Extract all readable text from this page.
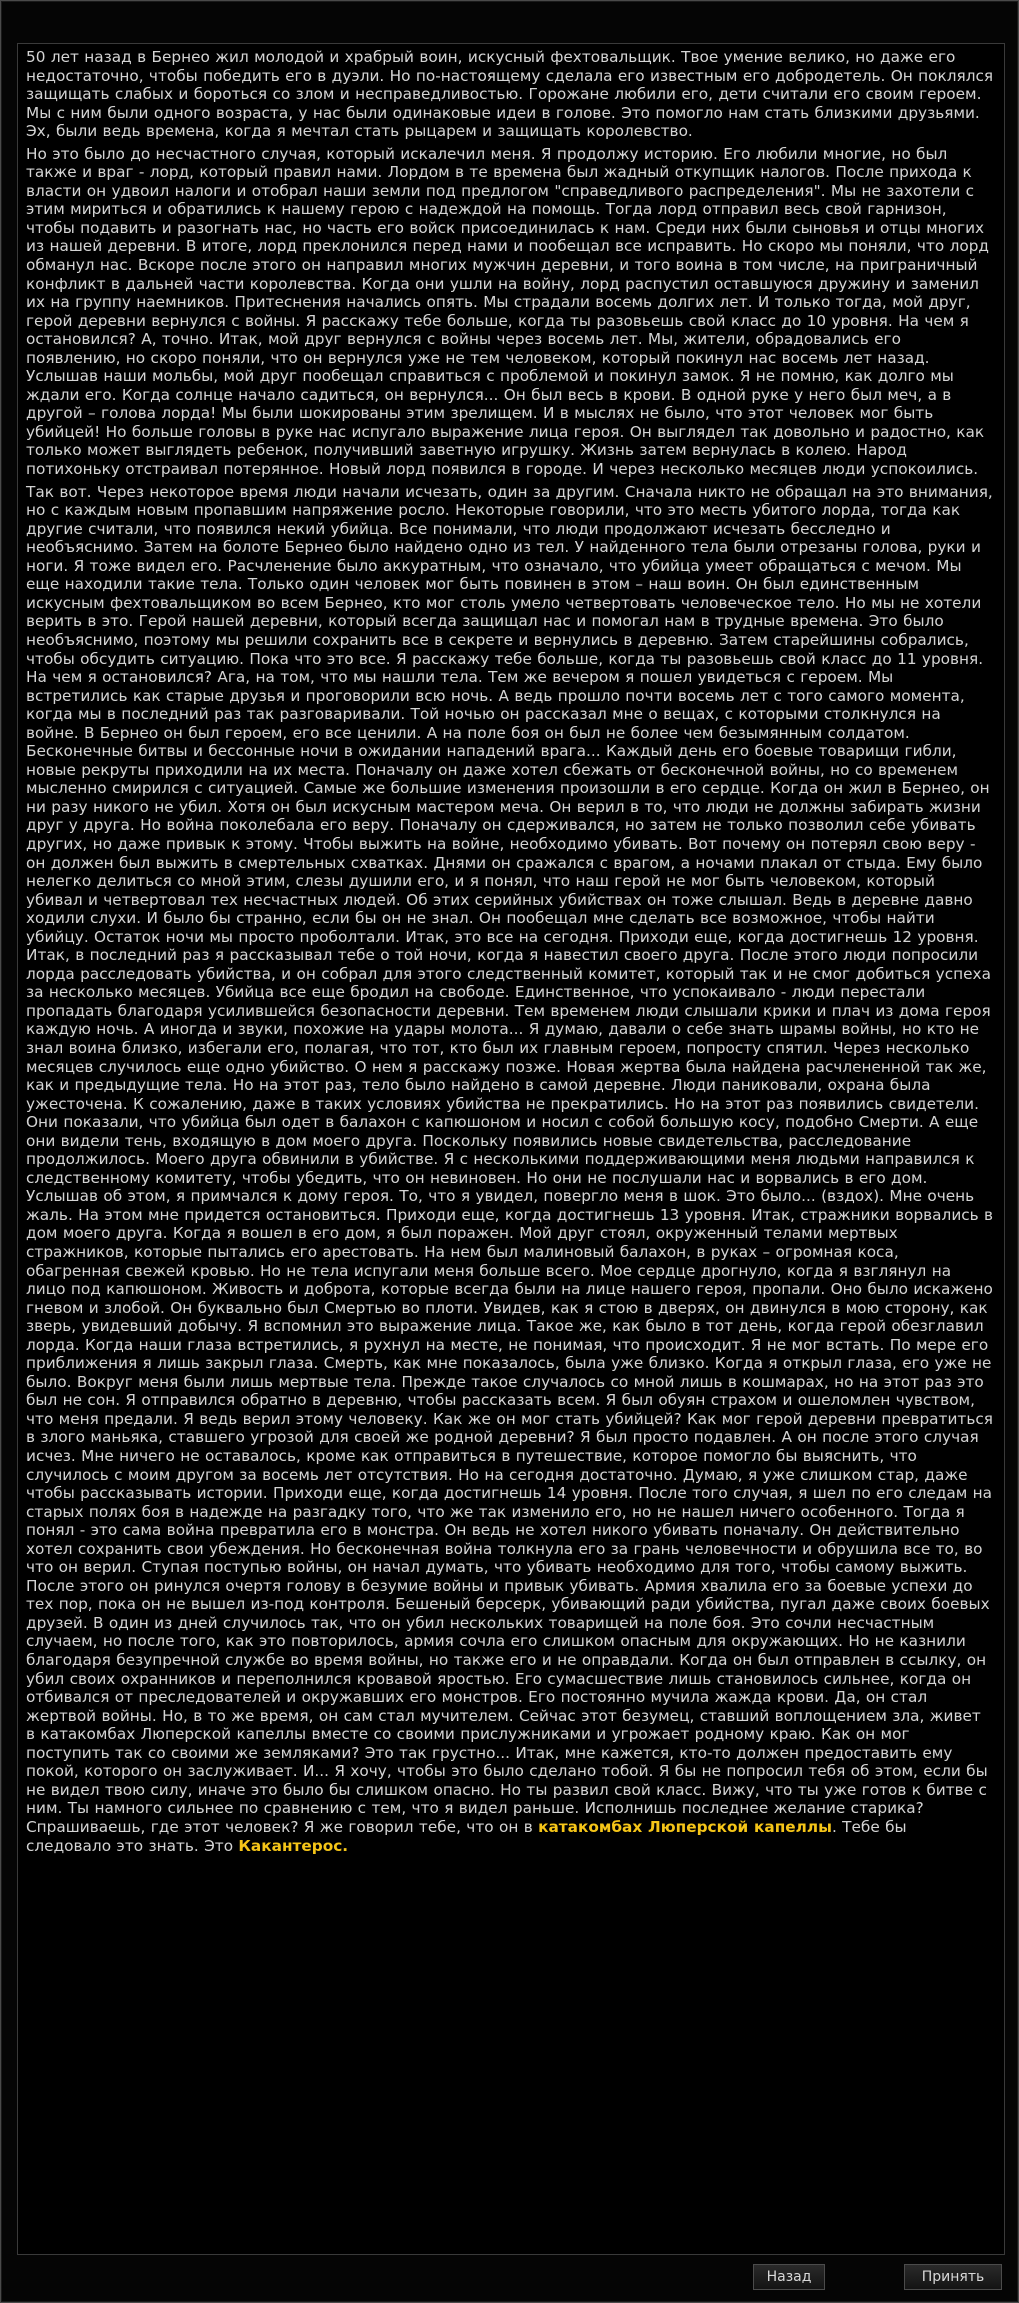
50 лет назад в Бернео жил молодой и храбрый воин, искусный фехтовальщик. Твое умение велико, но даже его недостаточно, чтобы победить его в дуэли. Но по-настоящему сделала его известным его добродетель. Он поклялся защищать слабых и бороться со злом и несправедливостью. Горожане любили его, дети считали его своим героем. Мы с ним были одного возраста, у нас были одинаковые идеи в голове. Это помогло нам стать близкими друзьями. Эх, были ведь времена, когда я мечтал стать рыцарем и защищать королевство.

Но это было до несчастного случая, который искалечил меня. Я продолжу историю. Его любили многие, но был также и враг - лорд, который правил нами. Лордом в те времена был жадный откупщик налогов. После прихода к власти он удвоил налоги и отобрал наши земли под предлогом "справедливого распределения". Мы не захотели с этим мириться и обратились к нашему герою с надеждой на помощь. Тогда лорд отправил весь свой гарнизон, чтобы подавить и разогнать нас, но часть его войск присоединилась к нам. Среди них были сыновья и отцы многих из нашей деревни. В итоге, лорд преклонился перед нами и пообещал все исправить. Но скоро мы поняли, что лорд обманул нас. Вскоре после этого он направил многих мужчин деревни, и того воина в том числе, на приграничный конфликт в дальней части королевства. Когда они ушли на войну, лорд распустил оставшуюся дружину и заменил их на группу наемников. Притеснения начались опять. Мы страдали восемь долгих лет. И только тогда, мой друг, герой деревни вернулся с войны. Я расскажу тебе больше, когда ты разовьешь свой класс до 10 уровня. На чем я остановился? А, точно. Итак, мой друг вернулся с войны через восемь лет. Мы, жители, обрадовались его появлению, но скоро поняли, что он вернулся уже не тем человеком, который покинул нас восемь лет назад. Услышав наши мольбы, мой друг пообещал справиться с проблемой и покинул замок. Я не помню, как долго мы ждали его. Когда солнце начало садиться, он вернулся... Он был весь в крови. В одной руке у него был меч, а в другой – голова лорда! Мы были шокированы этим зрелищем. И в мыслях не было, что этот человек мог быть убийцей! Но больше головы в руке нас испугало выражение лица героя. Он выглядел так довольно и радостно, как только может выглядеть ребенок, получивший заветную игрушку. Жизнь затем вернулась в колею. Народ потихоньку отстраивал потерянное. Новый лорд появился в городе. И через несколько месяцев люди успокоились.

Так вот. Через некоторое время люди начали исчезать, один за другим. Сначала никто не обращал на это внимания, но с каждым новым пропавшим напряжение росло. Некоторые говорили, что это месть убитого лорда, тогда как другие считали, что появился некий убийца. Все понимали, что люди продолжают исчезать бесследно и необъяснимо. Затем на болоте Бернео было найдено одно из тел. У найденного тела были отрезаны голова, руки и ноги. Я тоже видел его. Расчленение было аккуратным, что означало, что убийца умеет обращаться с мечом. Мы еще находили такие тела. Только один человек мог быть повинен в этом – наш воин. Он был единственным искусным фехтовальщиком во всем Бернео, кто мог столь умело четвертовать человеческое тело. Но мы не хотели верить в это. Герой нашей деревни, который всегда защищал нас и помогал нам в трудные времена. Это было необъяснимо, поэтому мы решили сохранить все в секрете и вернулись в деревню. Затем старейшины собрались, чтобы обсудить ситуацию. Пока что это все. Я расскажу тебе больше, когда ты разовьешь свой класс до 11 уровня. На чем я остановился? Ага, на том, что мы нашли тела. Тем же вечером я пошел увидеться с героем. Мы встретились как старые друзья и проговорили всю ночь. А ведь прошло почти восемь лет с того самого момента, когда мы в последний раз так разговаривали. Той ночью он рассказал мне о вещах, с которыми столкнулся на войне. В Бернео он был героем, его все ценили. А на поле боя он был не более чем безымянным солдатом. Бесконечные битвы и бессонные ночи в ожидании нападений врага... Каждый день его боевые товарищи гибли, новые рекруты приходили на их места. Поначалу он даже хотел сбежать от бесконечной войны, но со временем мысленно смирился с ситуацией. Самые же большие изменения произошли в его сердце. Когда он жил в Бернео, он ни разу никого не убил. Хотя он был искусным мастером меча. Он верил в то, что люди не должны забирать жизни друг у друга. Но война поколебала его веру. Поначалу он сдерживался, но затем не только позволил себе убивать других, но даже привык к этому. Чтобы выжить на войне, необходимо убивать. Вот почему он потерял свою веру - он должен был выжить в смертельных схватках. Днями он сражался с врагом, а ночами плакал от стыда. Ему было нелегко делиться со мной этим, слезы душили его, и я понял, что наш герой не мог быть человеком, который убивал и четвертовал тех несчастных людей. Об этих серийных убийствах он тоже слышал. Ведь в деревне давно ходили слухи. И было бы странно, если бы он не знал. Он пообещал мне сделать все возможное, чтобы найти убийцу. Остаток ночи мы просто проболтали. Итак, это все на сегодня. Приходи еще, когда достигнешь 12 уровня. Итак, в последний раз я рассказывал тебе о той ночи, когда я навестил своего друга. После этого люди попросили лорда расследовать убийства, и он собрал для этого следственный комитет, который так и не смог добиться успеха за несколько месяцев. Убийца все еще бродил на свободе. Единственное, что успокаивало - люди перестали пропадать благодаря усилившейся безопасности деревни. Тем временем люди слышали крики и плач из дома героя каждую ночь. А иногда и звуки, похожие на удары молота... Я думаю, давали о себе знать шрамы войны, но кто не знал воина близко, избегали его, полагая, что тот, кто был их главным героем, попросту спятил. Через несколько месяцев случилось еще одно убийство. О нем я расскажу позже. Новая жертва была найдена расчлененной так же, как и предыдущие тела. Но на этот раз, тело было найдено в самой деревне. Люди паниковали, охрана была ужесточена. К сожалению, даже в таких условиях убийства не прекратились. Но на этот раз появились свидетели. Они показали, что убийца был одет в балахон с капюшоном и носил с собой большую косу, подобно Смерти. А еще они видели тень, входящую в дом моего друга. Поскольку появились новые свидетельства, расследование продолжилось. Моего друга обвинили в убийстве. Я с несколькими поддерживающими меня людьми направился к следственному комитету, чтобы убедить, что он невиновен. Но они не послушали нас и ворвались в его дом. Услышав об этом, я примчался к дому героя. То, что я увидел, повергло меня в шок. Это было... (вздох). Мне очень жаль. На этом мне придется остановиться. Приходи еще, когда достигнешь 13 уровня. Итак, стражники ворвались в дом моего друга. Когда я вошел в его дом, я был поражен. Мой друг стоял, окруженный телами мертвых стражников, которые пытались его арестовать. На нем был малиновый балахон, в руках – огромная коса, обагренная свежей кровью. Но не тела испугали меня больше всего. Мое сердце дрогнуло, когда я взглянул на лицо под капюшоном. Живость и доброта, которые всегда были на лице нашего героя, пропали. Оно было искажено гневом и злобой. Он буквально был Смертью во плоти. Увидев, как я стою в дверях, он двинулся в мою сторону, как зверь, увидевший добычу. Я вспомнил это выражение лица. Такое же, как было в тот день, когда герой обезглавил лорда. Когда наши глаза встретились, я рухнул на месте, не понимая, что происходит. Я не мог встать. По мере его приближения я лишь закрыл глаза. Смерть, как мне показалось, была уже близко. Когда я открыл глаза, его уже не было. Вокруг меня были лишь мертвые тела. Прежде такое случалось со мной лишь в кошмарах, но на этот раз это был не сон. Я отправился обратно в деревню, чтобы рассказать всем. Я был обуян страхом и ошеломлен чувством, что меня предали. Я ведь верил этому человеку. Как же он мог стать убийцей? Как мог герой деревни превратиться в злого маньяка, ставшего угрозой для своей же родной деревни? Я был просто подавлен. А он после этого случая исчез. Мне ничего не оставалось, кроме как отправиться в путешествие, которое помогло бы выяснить, что случилось с моим другом за восемь лет отсутствия. Но на сегодня достаточно. Думаю, я уже слишком стар, даже чтобы рассказывать истории. Приходи еще, когда достигнешь 14 уровня. После того случая, я шел по его следам на старых полях боя в надежде на разгадку того, что же так изменило его, но не нашел ничего особенного. Тогда я понял - это сама война превратила его в монстра. Он ведь не хотел никого убивать поначалу. Он действительно хотел сохранить свои убеждения. Но бесконечная война толкнула его за грань человечности и обрушила все то, во что он верил. Ступая поступью войны, он начал думать, что убивать необходимо для того, чтобы самому выжить. После этого он ринулся очертя голову в безумие войны и привык убивать. Армия хвалила его за боевые успехи до тех пор, пока он не вышел из-под контроля. Бешеный берсерк, убивающий ради убийства, пугал даже своих боевых друзей. В один из дней случилось так, что он убил нескольких товарищей на поле боя. Это сочли несчастным случаем, но после того, как это повторилось, армия сочла его слишком опасным для окружающих. Но не казнили благодаря безупречной службе во время войны, но также его и не оправдали. Когда он был отправлен в ссылку, он убил своих охранников и переполнился кровавой яростью. Его сумасшествие лишь становилось сильнее, когда он отбивался от преследователей и окружавших его монстров. Его постоянно мучила жажда крови. Да, он стал жертвой войны. Но, в то же время, он сам стал мучителем. Сейчас этот безумец, ставший воплощением зла, живет в катакомбах Люперской капеллы вместе со своими прислужниками и угрожает родному краю. Как он мог поступить так со своими же земляками? Это так грустно... Итак, мне кажется, кто-то должен предоставить ему покой, которого он заслуживает. И... Я хочу, чтобы это было сделано тобой. Я бы не попросил тебя об этом, если бы не видел твою силу, иначе это было бы слишком опасно. Но ты развил свой класс. Вижу, что ты уже готов к битве с ним. Ты намного сильнее по сравнению с тем, что я видел раньше. Исполнишь последнее желание старика? Спрашиваешь, где этот человек? Я же говорил тебе, что он в катакомбах Люперской капеллы. Тебе бы следовало это знать. Это Какантерос.

Назад	Принять
